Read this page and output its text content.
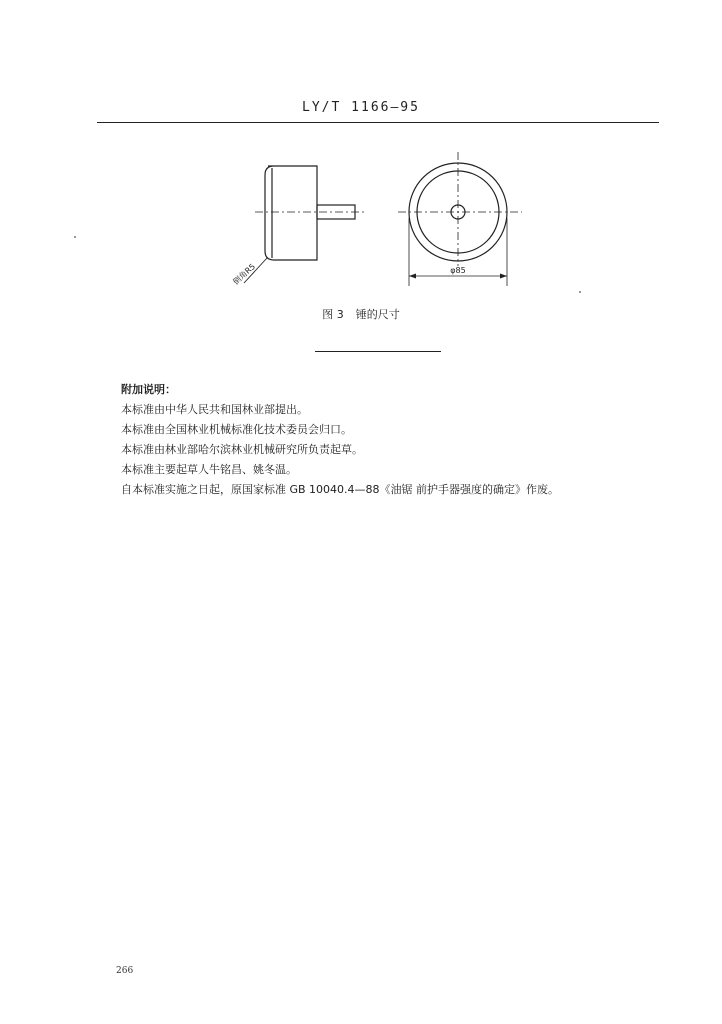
LY/T 1166—95
倒角R5	φ85
图 3 锤的尺寸
附加说明：
本标准由中华人民共和国林业部提出。
本标准由全国林业机械标准化技术委员会归口。
本标准由林业部哈尔滨林业机械研究所负责起草。
本标准主要起草人牛铭昌、姚冬温。
自本标准实施之日起，原国家标准 GB 10040.4—88《油锯 前护手器强度的确定》作废。
266
